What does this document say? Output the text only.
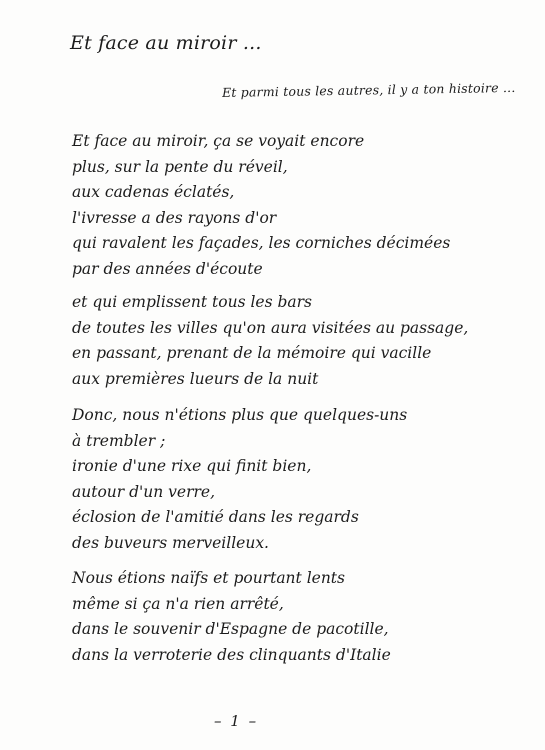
Et face au miroir ...
Et parmi tous les autres, il y a ton histoire ...
Et face au miroir, ça se voyait encore
plus, sur la pente du réveil,
aux cadenas éclatés,
l'ivresse a des rayons d'or
qui ravalent les façades, les corniches décimées
par des années d'écoute
et qui emplissent tous les bars
de toutes les villes qu'on aura visitées au passage,
en passant, prenant de la mémoire qui vacille
aux premières lueurs de la nuit
Donc, nous n'étions plus que quelques-uns
à trembler ;
ironie d'une rixe qui finit bien,
autour d'un verre,
éclosion de l'amitié dans les regards
des buveurs merveilleux.
Nous étions naïfs et pourtant lents
même si ça n'a rien arrêté,
dans le souvenir d'Espagne de pacotille,
dans la verroterie des clinquants d'Italie
– 1 –
